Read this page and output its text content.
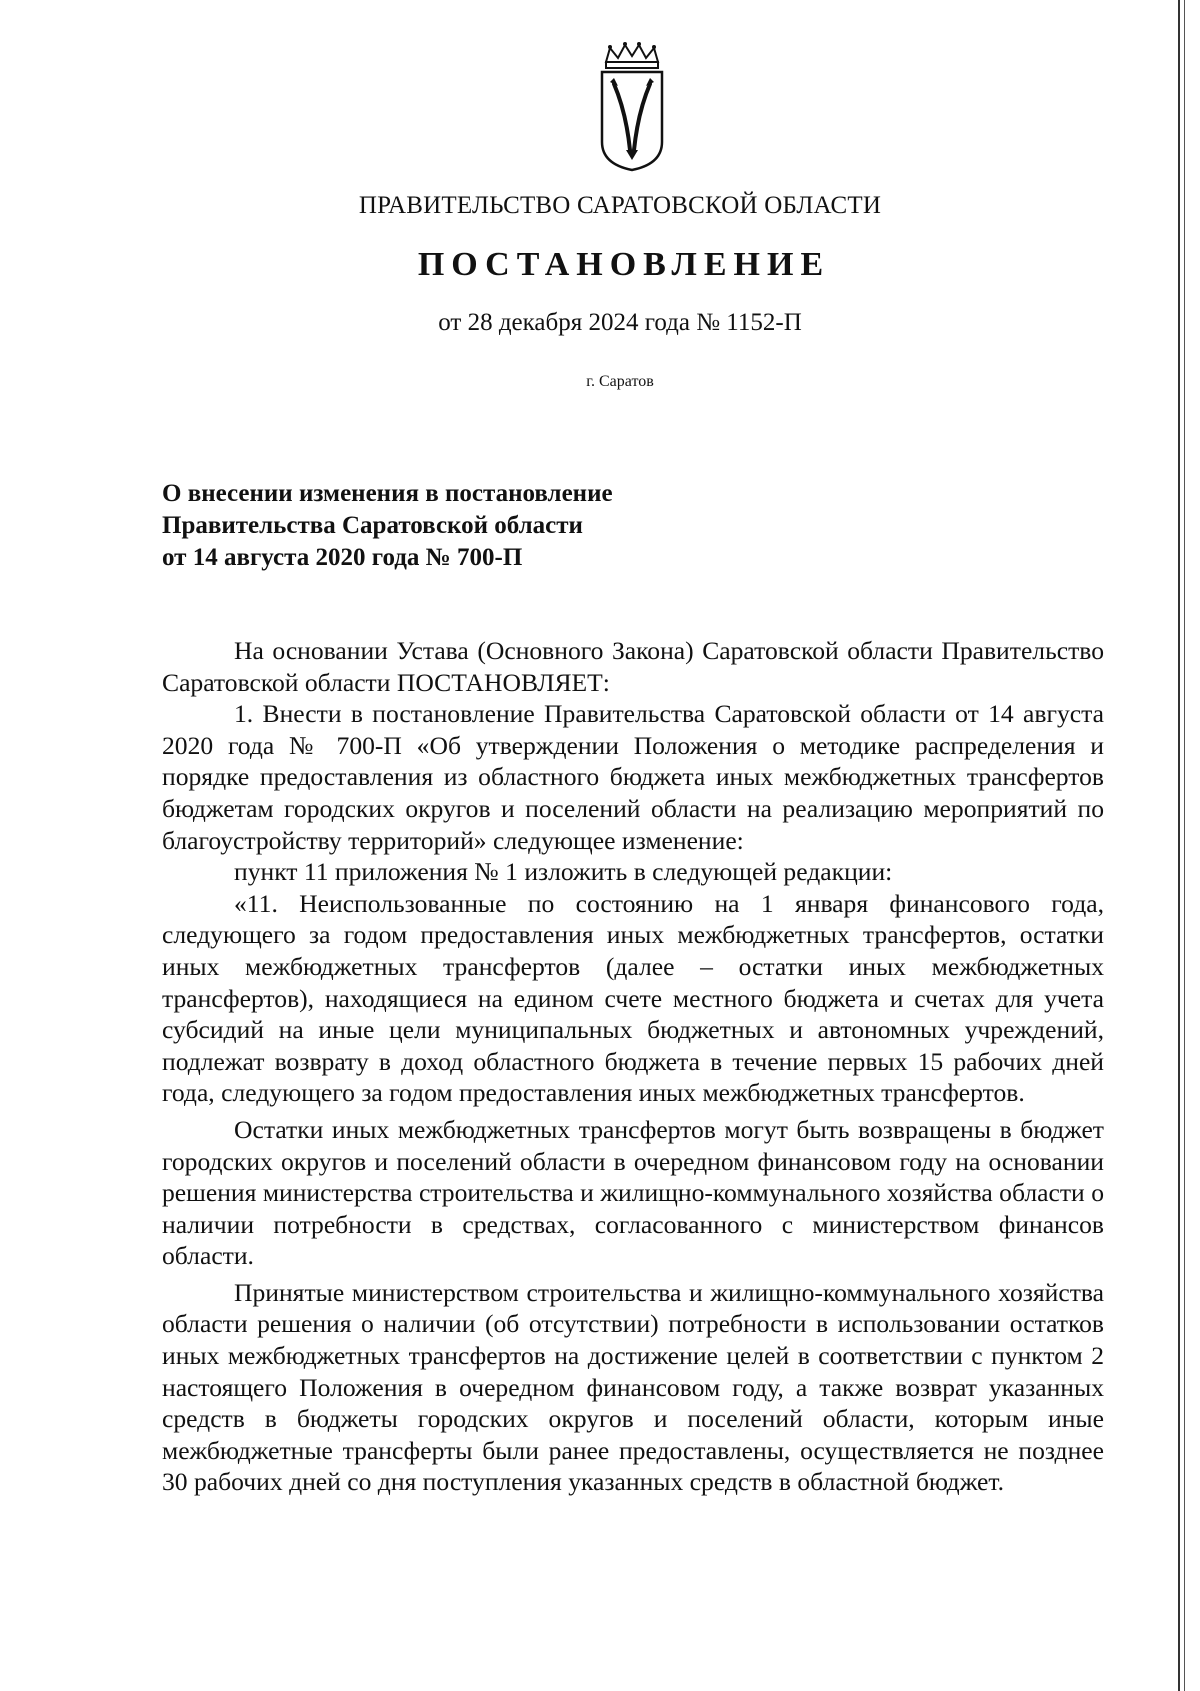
ПРАВИТЕЛЬСТВО САРАТОВСКОЙ ОБЛАСТИ
ПОСТАНОВЛЕНИЕ
от 28 декабря 2024 года № 1152-П
г. Саратов
О внесении изменения в постановление
Правительства Саратовской области
от 14 августа 2020 года № 700-П

На основании Устава (Основного Закона) Саратовской области Правительство Саратовской области ПОСТАНОВЛЯЕТ:

1. Внести в постановление Правительства Саратовской области от 14 августа 2020 года № 700-П «Об утверждении Положения о методике распределения и порядке предоставления из областного бюджета иных межбюджетных трансфертов бюджетам городских округов и поселений области на реализацию мероприятий по благоустройству территорий» следующее изменение:

пункт 11 приложения № 1 изложить в следующей редакции:

«11. Неиспользованные по состоянию на 1 января финансового года, следующего за годом предоставления иных межбюджетных трансфертов, остатки иных межбюджетных трансфертов (далее – остатки иных межбюджетных трансфертов), находящиеся на едином счете местного бюджета и счетах для учета субсидий на иные цели муниципальных бюджетных и автономных учреждений, подлежат возврату в доход областного бюджета в течение первых 15 рабочих дней года, следующего за годом предоставления иных межбюджетных трансфертов.

Остатки иных межбюджетных трансфертов могут быть возвращены в бюджет городских округов и поселений области в очередном финансовом году на основании решения министерства строительства и жилищно-коммунального хозяйства области о наличии потребности в средствах, согласованного с министерством финансов области.

Принятые министерством строительства и жилищно-коммунального хозяйства области решения о наличии (об отсутствии) потребности в использовании остатков иных межбюджетных трансфертов на достижение целей в соответствии с пунктом 2 настоящего Положения в очередном финансовом году, а также возврат указанных средств в бюджеты городских округов и поселений области, которым иные межбюджетные трансферты были ранее предоставлены, осуществляется не позднее 30 рабочих дней со дня поступления указанных средств в областной бюджет.
